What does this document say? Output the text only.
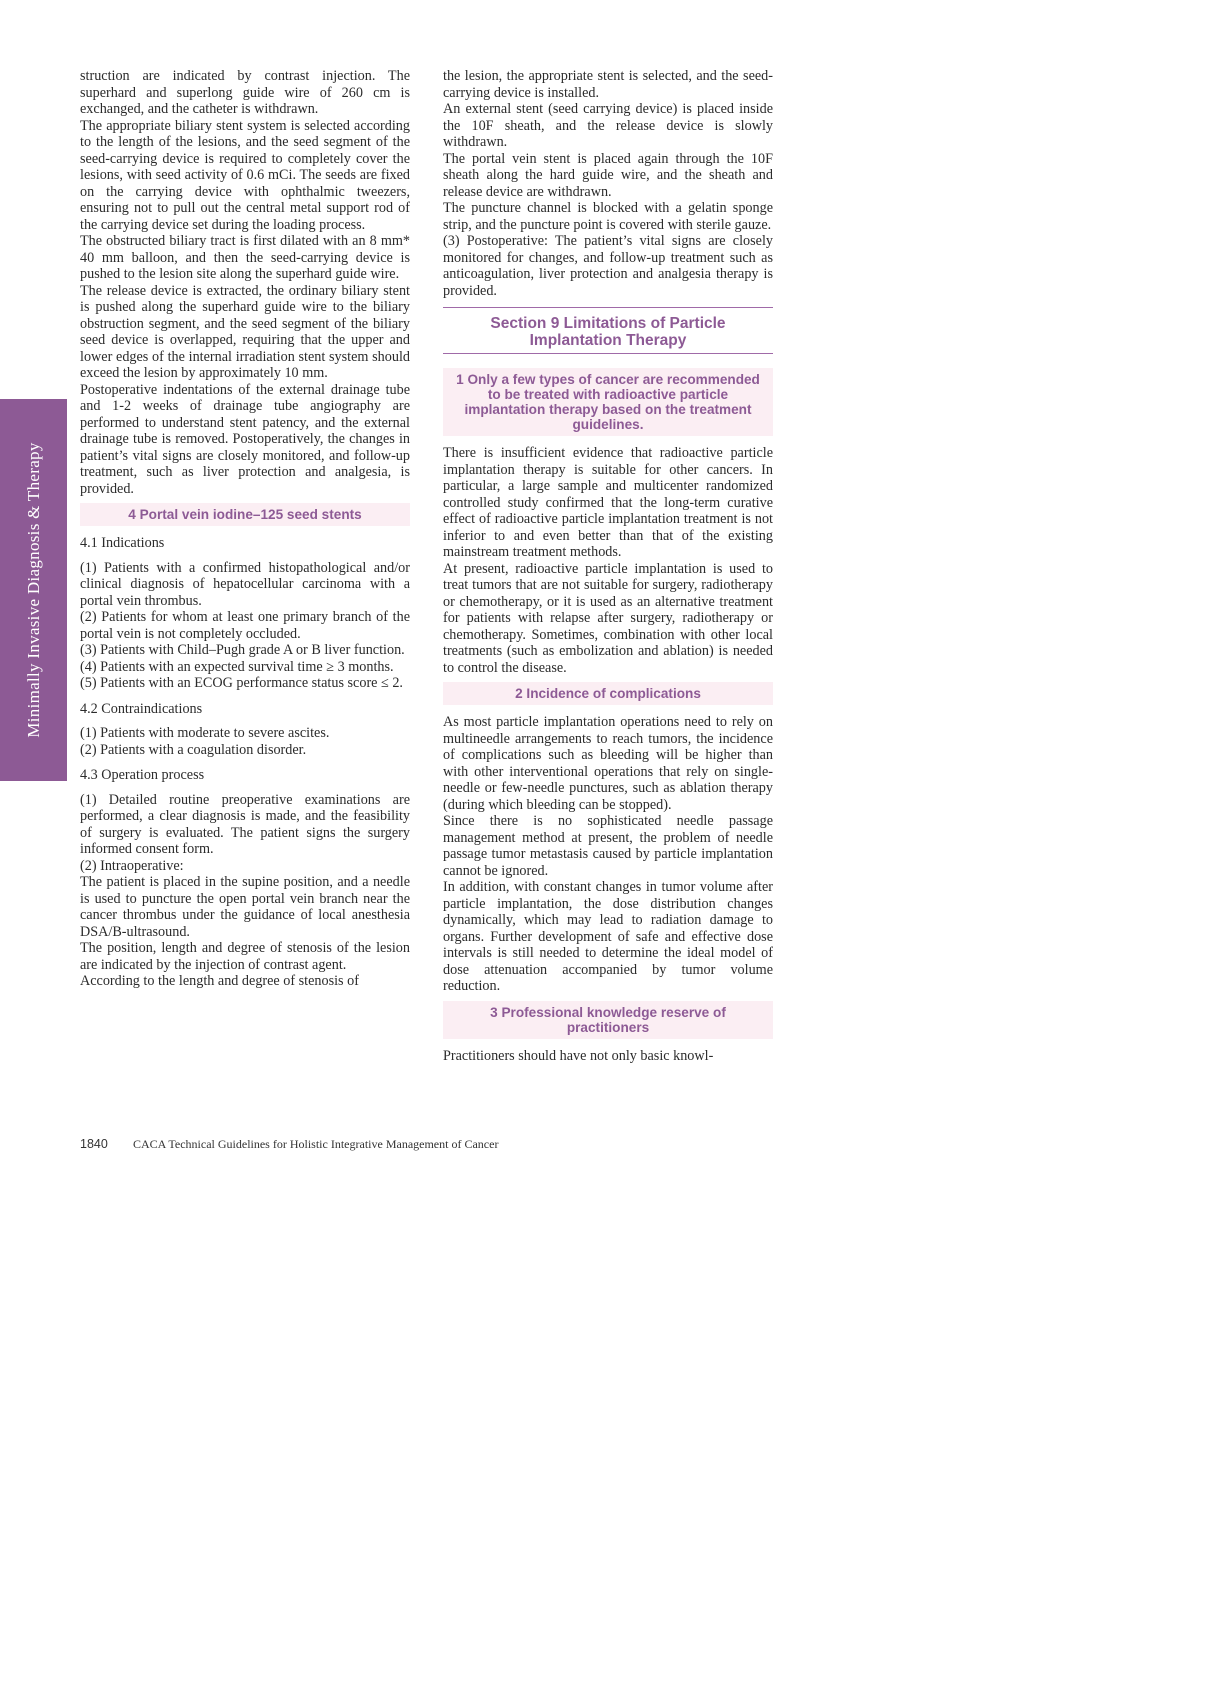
Minimally Invasive Diagnosis & Therapy

struction are indicated by contrast injection. The superhard and superlong guide wire of 260 cm is exchanged, and the catheter is withdrawn.

The appropriate biliary stent system is selected according to the length of the lesions, and the seed segment of the seed-carrying device is required to completely cover the lesions, with seed activity of 0.6 mCi. The seeds are fixed on the carrying device with ophthalmic tweezers, ensuring not to pull out the central metal support rod of the carrying device set during the loading process.

The obstructed biliary tract is first dilated with an 8 mm* 40 mm balloon, and then the seed-carrying device is pushed to the lesion site along the superhard guide wire.

The release device is extracted, the ordinary biliary stent is pushed along the superhard guide wire to the biliary obstruction segment, and the seed segment of the biliary seed device is overlapped, requiring that the upper and lower edges of the internal irradiation stent system should exceed the lesion by approximately 10 mm.

Postoperative indentations of the external drainage tube and 1-2 weeks of drainage tube angiography are performed to understand stent patency, and the external drainage tube is removed. Postoperatively, the changes in patient’s vital signs are closely monitored, and follow-up treatment, such as liver protection and analgesia, is provided.

4 Portal vein iodine–125 seed stents
4.1 Indications

(1) Patients with a confirmed histopathological and/or clinical diagnosis of hepatocellular carcinoma with a portal vein thrombus.

(2) Patients for whom at least one primary branch of the portal vein is not completely occluded.

(3) Patients with Child–Pugh grade A or B liver function.

(4) Patients with an expected survival time ≥ 3 months.

(5) Patients with an ECOG performance status score ≤ 2.

4.2 Contraindications

(1) Patients with moderate to severe ascites.

(2) Patients with a coagulation disorder.

4.3 Operation process

(1) Detailed routine preoperative examinations are performed, a clear diagnosis is made, and the feasibility of surgery is evaluated. The patient signs the surgery informed consent form.

(2) Intraoperative:

The patient is placed in the supine position, and a needle is used to puncture the open portal vein branch near the cancer thrombus under the guidance of local anesthesia DSA/B-ultrasound.

The position, length and degree of stenosis of the lesion are indicated by the injection of contrast agent.

According to the length and degree of stenosis of

the lesion, the appropriate stent is selected, and the seed-carrying device is installed.

An external stent (seed carrying device) is placed inside the 10F sheath, and the release device is slowly withdrawn.

The portal vein stent is placed again through the 10F sheath along the hard guide wire, and the sheath and release device are withdrawn.

The puncture channel is blocked with a gelatin sponge strip, and the puncture point is covered with sterile gauze.

(3) Postoperative: The patient’s vital signs are closely monitored for changes, and follow-up treatment such as anticoagulation, liver protection and analgesia therapy is provided.

Section 9 Limitations of Particle Implantation Therapy
1 Only a few types of cancer are recommended to be treated with radioactive particle implantation therapy based on the treatment guidelines.

There is insufficient evidence that radioactive particle implantation therapy is suitable for other cancers. In particular, a large sample and multicenter randomized controlled study confirmed that the long-term curative effect of radioactive particle implantation treatment is not inferior to and even better than that of the existing mainstream treatment methods.

At present, radioactive particle implantation is used to treat tumors that are not suitable for surgery, radiotherapy or chemotherapy, or it is used as an alternative treatment for patients with relapse after surgery, radiotherapy or chemotherapy. Sometimes, combination with other local treatments (such as embolization and ablation) is needed to control the disease.

2 Incidence of complications

As most particle implantation operations need to rely on multineedle arrangements to reach tumors, the incidence of complications such as bleeding will be higher than with other interventional operations that rely on single-needle or few-needle punctures, such as ablation therapy (during which bleeding can be stopped).

Since there is no sophisticated needle passage management method at present, the problem of needle passage tumor metastasis caused by particle implantation cannot be ignored.

In addition, with constant changes in tumor volume after particle implantation, the dose distribution changes dynamically, which may lead to radiation damage to organs. Further development of safe and effective dose intervals is still needed to determine the ideal model of dose attenuation accompanied by tumor volume reduction.

3 Professional knowledge reserve of practitioners

Practitioners should have not only basic knowl-

1840 CACA Technical Guidelines for Holistic Integrative Management of Cancer
